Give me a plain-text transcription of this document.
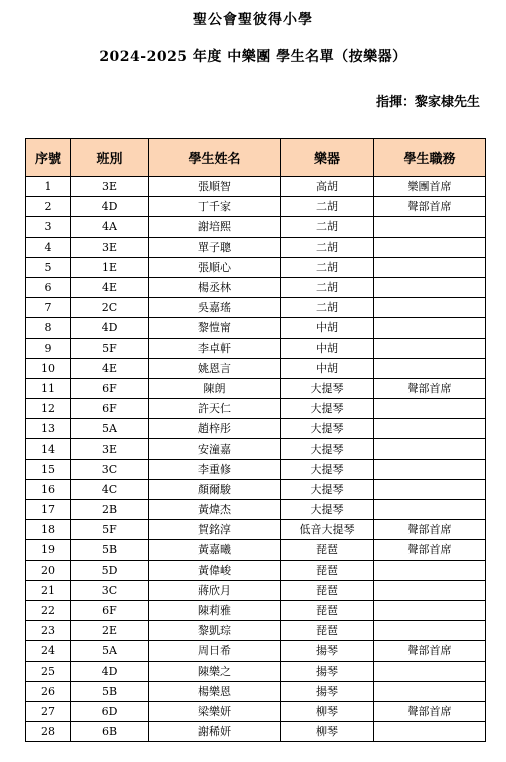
聖公會聖彼得小學
2024-2025 年度 中樂團 學生名單（按樂器）
指揮：黎家棣先生
序號	班別	學生姓名	樂器	學生職務
1	3E	張順智	高胡	樂團首席
2	4D	丁千家	二胡	聲部首席
3	4A	謝培熙	二胡	
4	3E	單子聰	二胡	
5	1E	張順心	二胡	
6	4E	楊丞林	二胡	
7	2C	吳嘉瑤	二胡	
8	4D	黎愷甯	中胡	
9	5F	李卓軒	中胡	
10	4E	姚恩言	中胡	
11	6F	陳朗	大提琴	聲部首席
12	6F	許天仁	大提琴	
13	5A	趙梓彤	大提琴	
14	3E	安潼嘉	大提琴	
15	3C	李重修	大提琴	
16	4C	顏爾駿	大提琴	
17	2B	黃煒杰	大提琴	
18	5F	賀銘淳	低音大提琴	聲部首席
19	5B	黃嘉曦	琵琶	聲部首席
20	5D	黃偉峻	琵琶	
21	3C	蔣欣月	琵琶	
22	6F	陳莉雅	琵琶	
23	2E	黎凱琮	琵琶	
24	5A	周日希	揚琴	聲部首席
25	4D	陳樂之	揚琴	
26	5B	楊樂恩	揚琴	
27	6D	梁樂妍	柳琴	聲部首席
28	6B	謝稀妍	柳琴	
